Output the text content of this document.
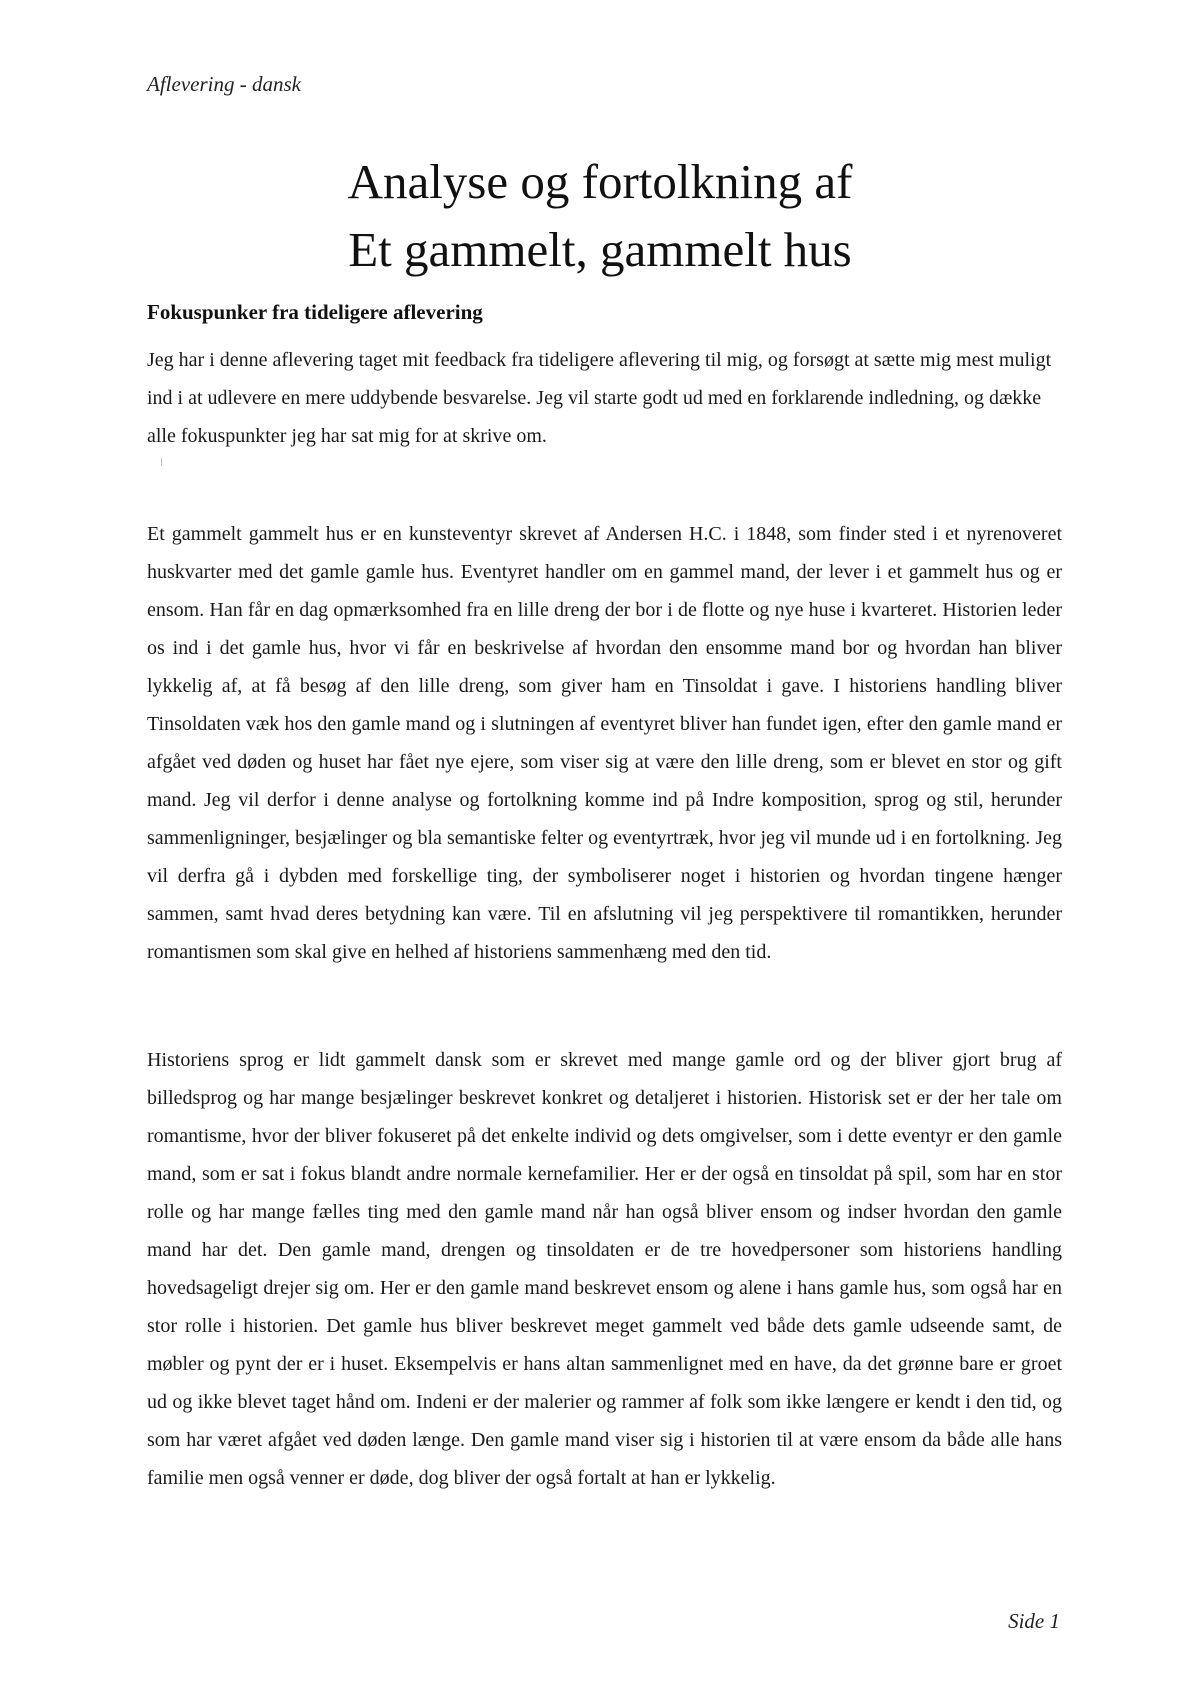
Aflevering - dansk
Analyse og fortolkning af
Et gammelt, gammelt hus
Fokuspunker fra tideligere aflevering
Jeg har i denne aflevering taget mit feedback fra tideligere aflevering til mig, og forsøgt at sætte mig mest muligt ind i at udlevere en mere uddybende besvarelse. Jeg vil starte godt ud med en forklarende indledning, og dække alle fokuspunkter jeg har sat mig for at skrive om.
Et gammelt gammelt hus er en kunsteventyr skrevet af Andersen H.C. i 1848, som finder sted i et nyrenoveret huskvarter med det gamle gamle hus. Eventyret handler om en gammel mand, der lever i et gammelt hus og er ensom. Han får en dag opmærksomhed fra en lille dreng der bor i de flotte og nye huse i kvarteret. Historien leder os ind i det gamle hus, hvor vi får en beskrivelse af hvordan den ensomme mand bor og hvordan han bliver lykkelig af, at få besøg af den lille dreng, som giver ham en Tinsoldat i gave. I historiens handling bliver Tinsoldaten væk hos den gamle mand og i slutningen af eventyret bliver han fundet igen, efter den gamle mand er afgået ved døden og huset har fået nye ejere, som viser sig at være den lille dreng, som er blevet en stor og gift mand. Jeg vil derfor i denne analyse og fortolkning komme ind på Indre komposition, sprog og stil, herunder sammenligninger, besjælinger og bla semantiske felter og eventyrtræk, hvor jeg vil munde ud i en fortolkning. Jeg vil derfra gå i dybden med forskellige ting, der symboliserer noget i historien og hvordan tingene hænger sammen, samt hvad deres betydning kan være. Til en afslutning vil jeg perspektivere til romantikken, herunder romantismen som skal give en helhed af historiens sammenhæng med den tid.
Historiens sprog er lidt gammelt dansk som er skrevet med mange gamle ord og der bliver gjort brug af billedsprog og har mange besjælinger beskrevet konkret og detaljeret i historien. Historisk set er der her tale om romantisme, hvor der bliver fokuseret på det enkelte individ og dets omgivelser, som i dette eventyr er den gamle mand, som er sat i fokus blandt andre normale kernefamilier. Her er der også en tinsoldat på spil, som har en stor rolle og har mange fælles ting med den gamle mand når han også bliver ensom og indser hvordan den gamle mand har det. Den gamle mand, drengen og tinsoldaten er de tre hovedpersoner som historiens handling hovedsageligt drejer sig om. Her er den gamle mand beskrevet ensom og alene i hans gamle hus, som også har en stor rolle i historien. Det gamle hus bliver beskrevet meget gammelt ved både dets gamle udseende samt, de møbler og pynt der er i huset. Eksempelvis er hans altan sammenlignet med en have, da det grønne bare er groet ud og ikke blevet taget hånd om. Indeni er der malerier og rammer af folk som ikke længere er kendt i den tid, og som har været afgået ved døden længe. Den gamle mand viser sig i historien til at være ensom da både alle hans familie men også venner er døde, dog bliver der også fortalt at han er lykkelig.
Side 1
